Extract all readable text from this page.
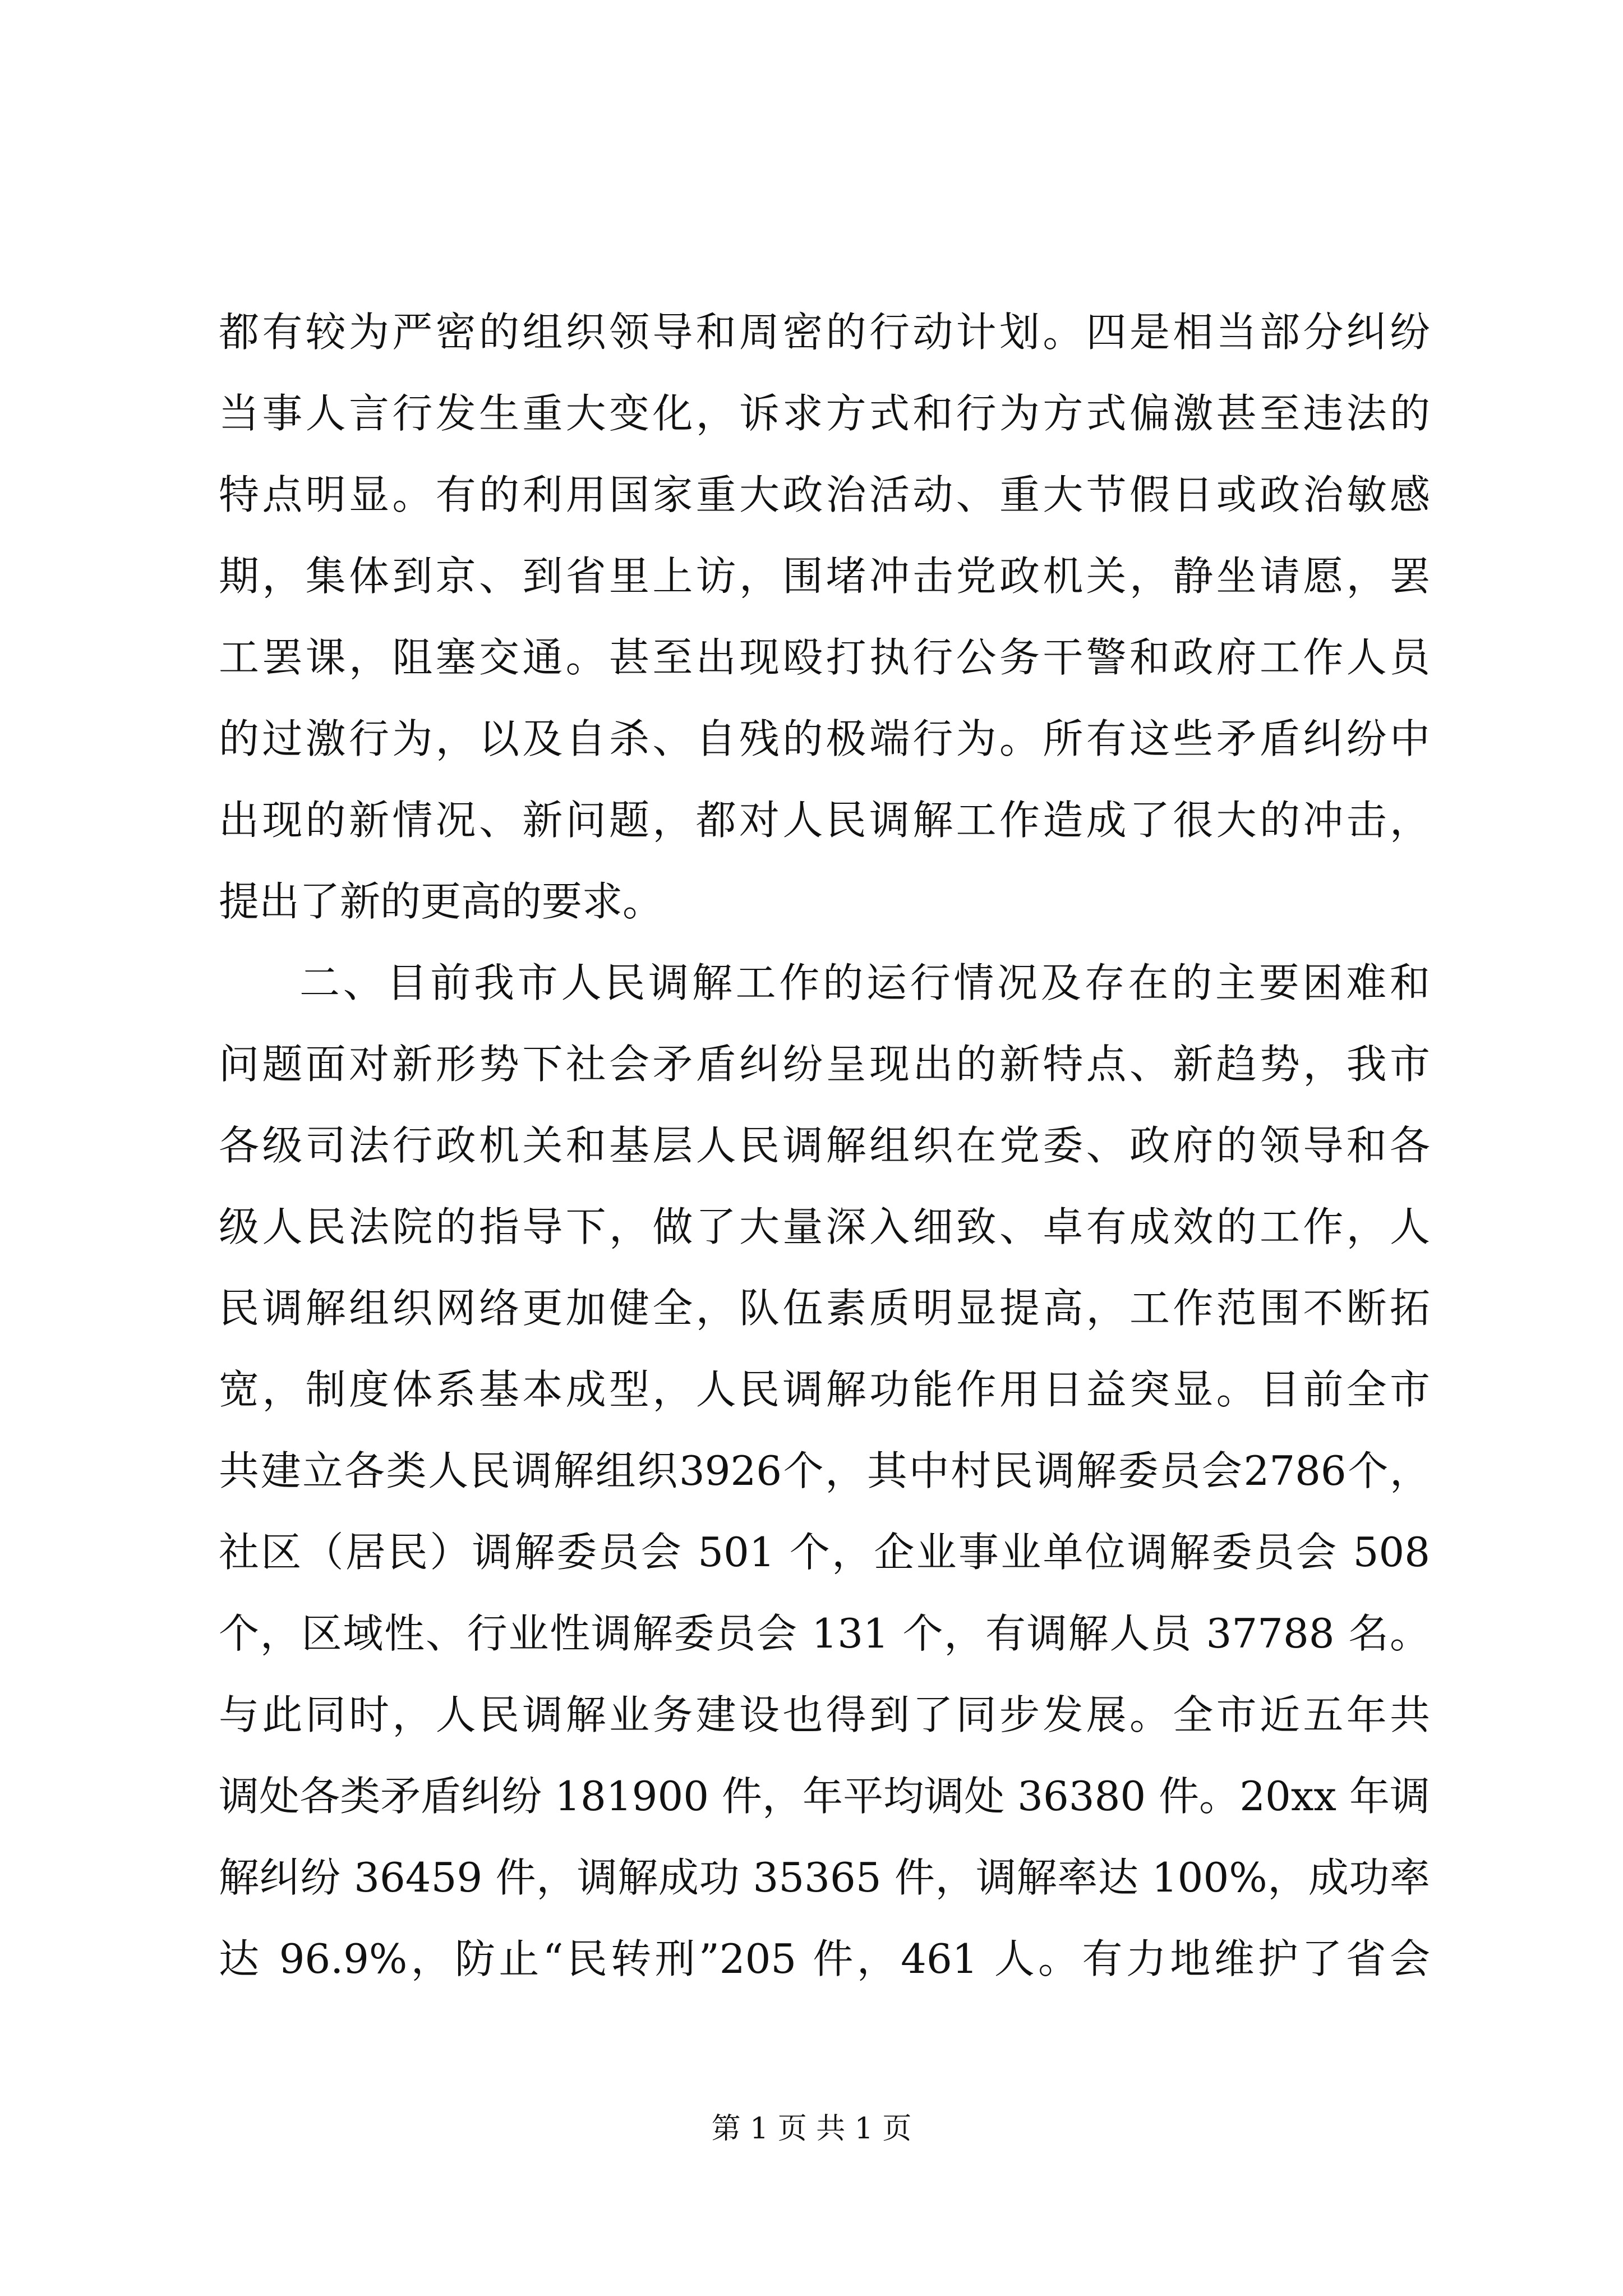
都有较为严密的组织领导和周密的行动计划。四是相当部分纠纷
当事人言行发生重大变化，诉求方式和行为方式偏激甚至违法的
特点明显。有的利用国家重大政治活动、重大节假日或政治敏感
期，集体到京、到省里上访，围堵冲击党政机关，静坐请愿，罢
工罢课，阻塞交通。甚至出现殴打执行公务干警和政府工作人员
的过激行为，以及自杀、自残的极端行为。所有这些矛盾纠纷中
出现的新情况、新问题，都对人民调解工作造成了很大的冲击，
提出了新的更高的要求。
二、目前我市人民调解工作的运行情况及存在的主要困难和
问题面对新形势下社会矛盾纠纷呈现出的新特点、新趋势，我市
各级司法行政机关和基层人民调解组织在党委、政府的领导和各
级人民法院的指导下，做了大量深入细致、卓有成效的工作，人
民调解组织网络更加健全，队伍素质明显提高，工作范围不断拓
宽，制度体系基本成型，人民调解功能作用日益突显。目前全市
共建立各类人民调解组织3926个，其中村民调解委员会2786个，
社区（居民）调解委员会 501 个，企业事业单位调解委员会 508
个，区域性、行业性调解委员会 131 个，有调解人员 37788 名。
与此同时，人民调解业务建设也得到了同步发展。全市近五年共
调处各类矛盾纠纷 181900 件，年平均调处 36380 件。20xx 年调
解纠纷 36459 件，调解成功 35365 件，调解率达 100%，成功率
达 96.9%，防止“民转刑”205 件，461 人。有力地维护了省会
第 1 页 共 1 页
